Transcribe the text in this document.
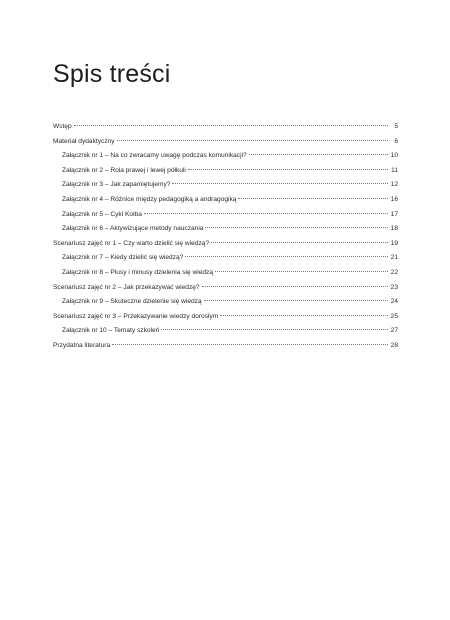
Spis treści
Wstęp	5
Materiał dydaktyczny	6
Załącznik nr 1 – Na co zwracamy uwagę podczas komunikacji?	10
Załącznik nr 2 – Rola prawej i lewej półkuli	11
Załącznik nr 3 – Jak zapamiętujemy?	12
Załącznik nr 4 – Różnice między pedagogiką a andragogiką	16
Załącznik nr 5 – Cykl Kolba	17
Załącznik nr 6 – Aktywizujące metody nauczania	18
Scenariusz zajęć nr 1 – Czy warto dzielić się wiedzą?	19
Załącznik nr 7 – Kiedy dzielić się wiedzą?	21
Załącznik nr 8 – Plusy i minusy dzielenia się wiedzą	22
Scenariusz zajęć nr 2 – Jak przekazywać wiedzę?	23
Załącznik nr 9 – Skuteczne dzielenie się wiedzą	24
Scenariusz zajęć nr 3 – Przekazywanie wiedzy dorosłym	25
Załącznik nr 10 – Tematy szkoleń	27
Przydatna literatura	28
